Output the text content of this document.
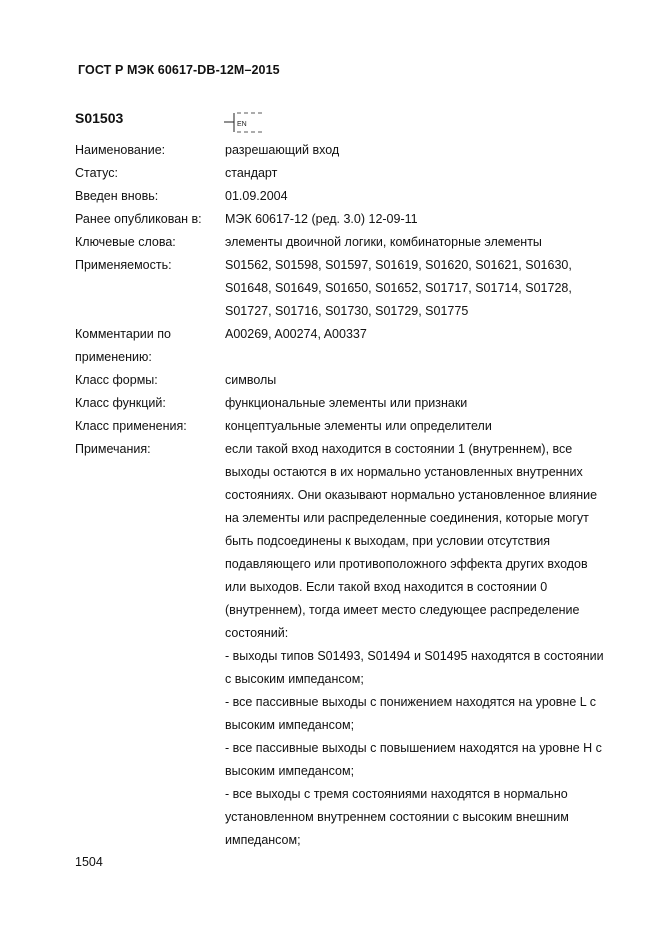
ГОСТ Р МЭК 60617-DB-12M–2015
S01503	EN
Наименование:	разрешающий вход
Статус:	стандарт
Введен вновь:	01.09.2004
Ранее опубликован в:	МЭК 60617-12 (ред. 3.0) 12-09-11
Ключевые слова:	элементы двоичной логики, комбинаторные элементы
Применяемость:	S01562, S01598, S01597, S01619, S01620, S01621, S01630,
S01648, S01649, S01650, S01652, S01717, S01714, S01728,
S01727, S01716, S01730, S01729, S01775
Комментарии по
применению:
A00269, A00274, A00337
Класс формы:	символы
Класс функций:	функциональные элементы или признаки
Класс применения:	концептуальные элементы или определители
Примечания:	если такой вход находится в состоянии 1 (внутреннем), все
выходы остаются в их нормально установленных внутренних
состояниях. Они оказывают нормально установленное влияние
на элементы или распределенные соединения, которые могут
быть подсоединены к выходам, при условии отсутствия
подавляющего или противоположного эффекта других входов
или выходов. Если такой вход находится в состоянии 0
(внутреннем), тогда имеет место следующее распределение
состояний:
- выходы типов S01493, S01494 и S01495 находятся в состоянии
с высоким импедансом;
- все пассивные выходы с понижением находятся на уровне L с
высоким импедансом;
- все пассивные выходы с повышением находятся на уровне H с
высоким импедансом;
- все выходы с тремя состояниями находятся в нормально
установленном внутреннем состоянии с высоким внешним
импедансом;
1504
